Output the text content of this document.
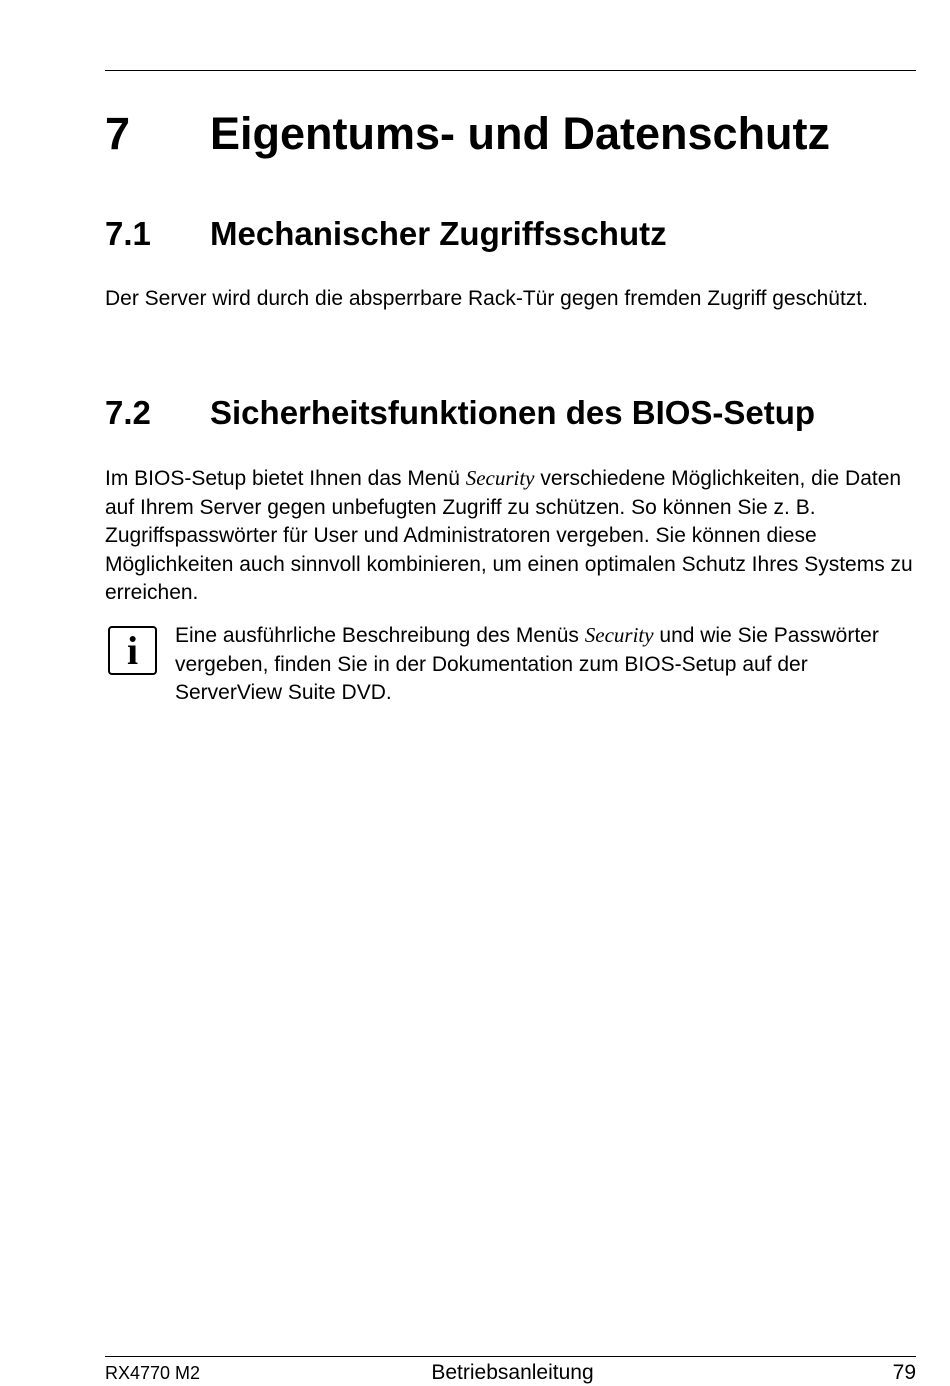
7 Eigentums- und Datenschutz
7.1 Mechanischer Zugriffsschutz

Der Server wird durch die absperrbare Rack-Tür gegen fremden Zugriff geschützt.

7.2 Sicherheitsfunktionen des BIOS-Setup

Im BIOS-Setup bietet Ihnen das Menü Security verschiedene Möglichkeiten, die Daten auf Ihrem Server gegen unbefugten Zugriff zu schützen. So können Sie z. B. Zugriffspasswörter für User und Administratoren vergeben. Sie können diese Möglichkeiten auch sinnvoll kombinieren, um einen optimalen Schutz Ihres Systems zu erreichen.

i	Eine ausführliche Beschreibung des Menüs Security und wie Sie Passwörter vergeben, finden Sie in der Dokumentation zum BIOS-Setup auf der ServerView Suite DVD.

RX4770 M2	Betriebsanleitung	79
